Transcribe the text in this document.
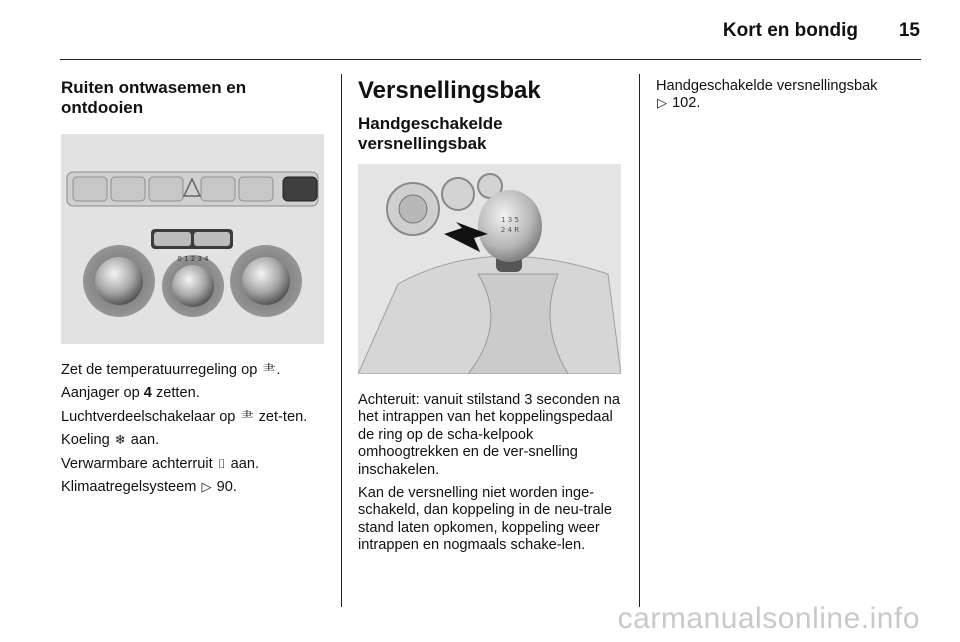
Kort en bondig 15
Ruiten ontwasemen en ontdooien
0 1 2 3 4

Zet de temperatuurregeling op ⺻.

Aanjager op 4 zetten.

Luchtverdeelschakelaar op ⺻ zet-ten.

Koeling ❄ aan.

Verwarmbare achterruit ⌷ aan.

Klimaatregelsysteem ▷ 90.

Versnellingsbak
Handgeschakelde versnellingsbak
1 3 5
2 4 R

Achteruit: vanuit stilstand 3 seconden na het intrappen van het koppelingspedaal de ring op de scha-kelpook omhoogtrekken en de ver-snelling inschakelen.

Kan de versnelling niet worden inge-schakeld, dan koppeling in de neu-trale stand laten opkomen, koppeling weer intrappen en nogmaals schake-len.

Handgeschakelde versnellingsbak
▷ 102.

carmanualsonline.info
